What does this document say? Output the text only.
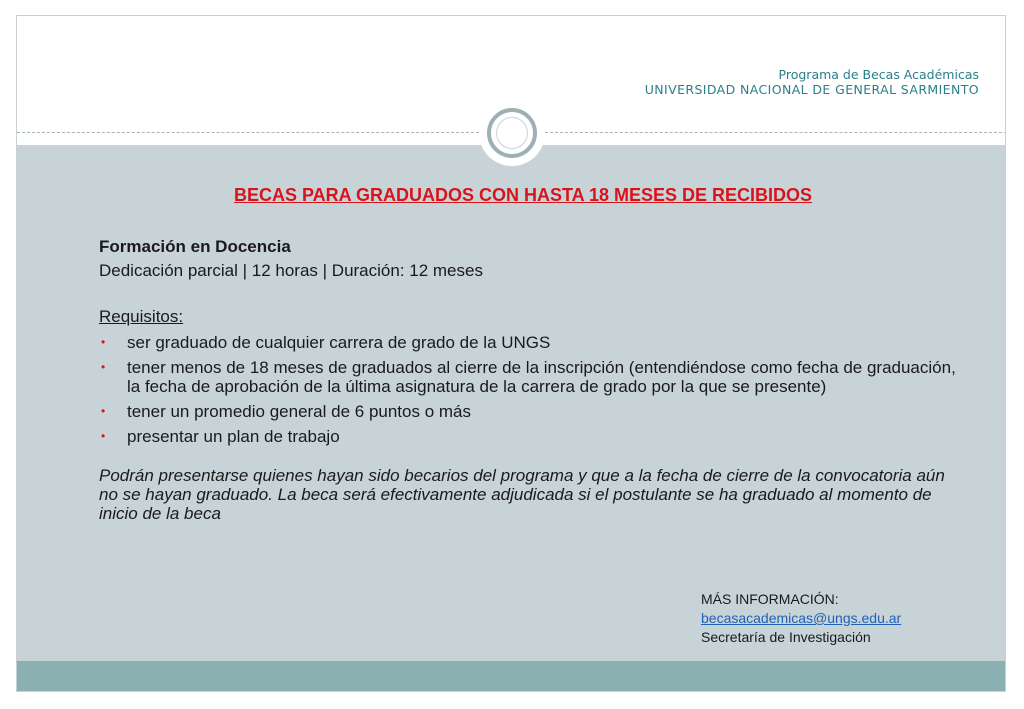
Programa de Becas Académicas
UNIVERSIDAD NACIONAL DE GENERAL SARMIENTO
BECAS PARA GRADUADOS CON HASTA 18 MESES DE RECIBIDOS
Formación en Docencia
Dedicación parcial | 12 horas | Duración: 12 meses
Requisitos:
• ser graduado de cualquier carrera de grado de la UNGS
• tener menos de 18 meses de graduados al cierre de la inscripción (entendiéndose como fecha de graduación, la fecha de aprobación de la última asignatura de la carrera de grado por la que se presente)
• tener un promedio general de 6 puntos o más
• presentar un plan de trabajo
Podrán presentarse quienes hayan sido becarios del programa y que a la fecha de cierre de la convocatoria aún no se hayan graduado. La beca será efectivamente adjudicada si el postulante se ha graduado al momento de inicio de la beca
MÁS INFORMACIÓN:
becasacademicas@ungs.edu.ar
Secretaría de Investigación
